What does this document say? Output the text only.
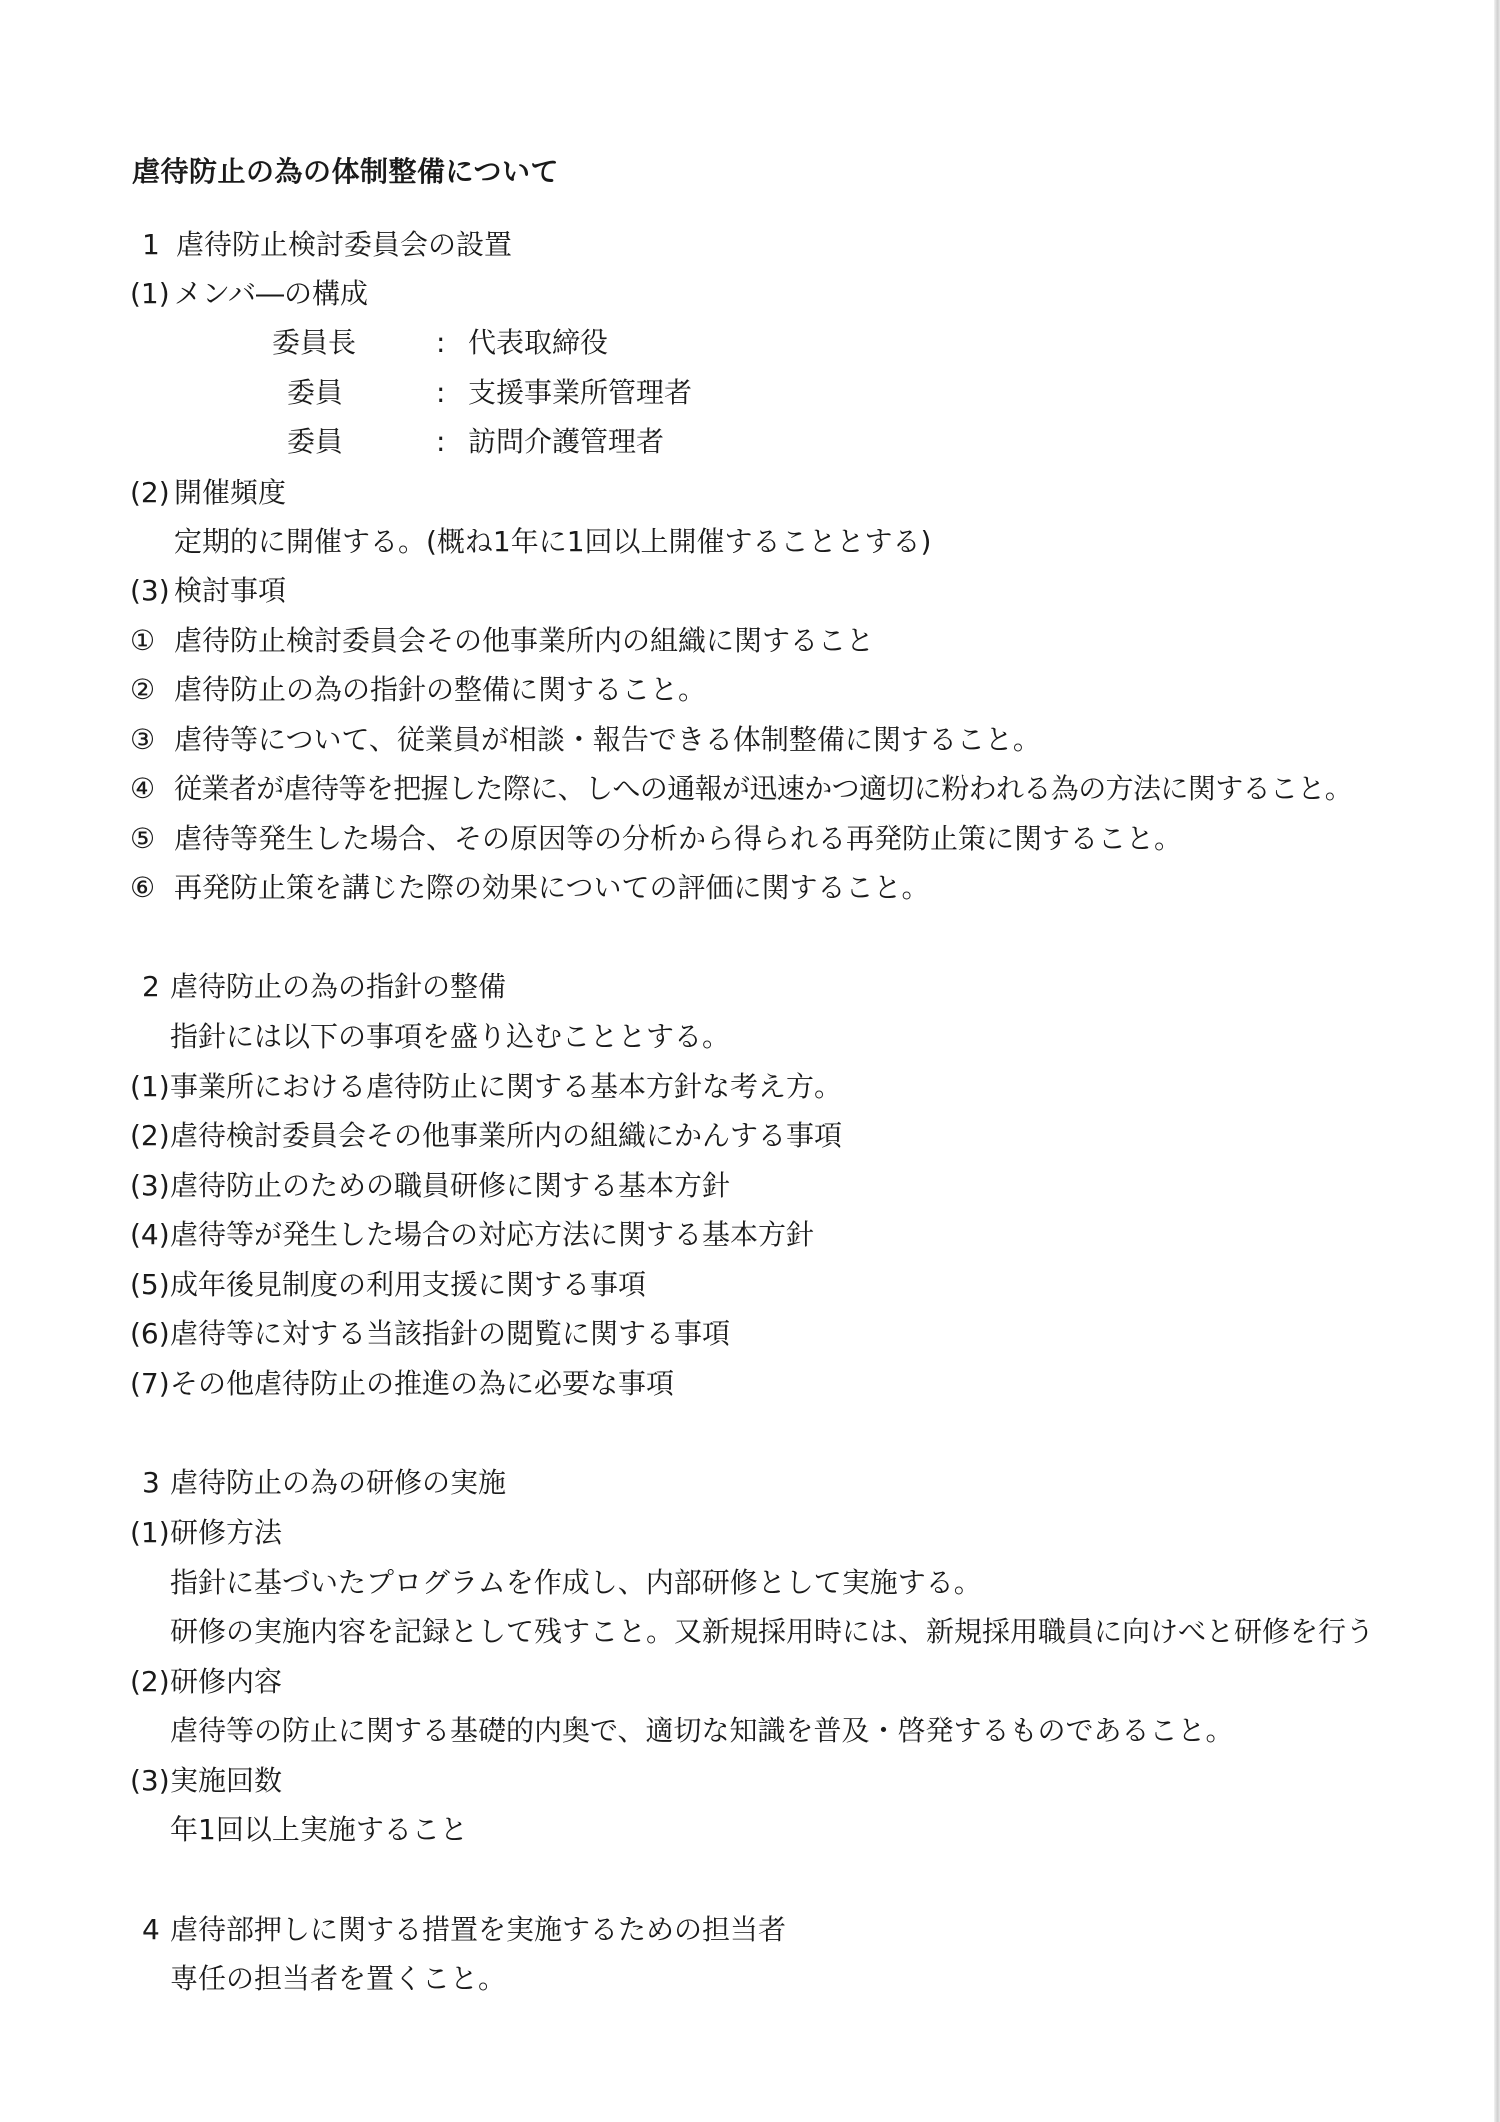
虐待防止の為の体制整備について
1 虐待防止検討委員会の設置
(1) メンバ―の構成
委員長	: 代表取締役
委員	: 支援事業所管理者
委員	: 訪問介護管理者
(2) 開催頻度
定期的に開催する。(概ね1年に1回以上開催することとする)
(3) 検討事項
① 虐待防止検討委員会その他事業所内の組織に関すること
② 虐待防止の為の指針の整備に関すること。
③ 虐待等について、従業員が相談・報告できる体制整備に関すること。
④ 従業者が虐待等を把握した際に、しへの通報が迅速かつ適切に粉われる為の方法に関すること。
⑤ 虐待等発生した場合、その原因等の分析から得られる再発防止策に関すること。
⑥ 再発防止策を講じた際の効果についての評価に関すること。
2 虐待防止の為の指針の整備
指針には以下の事項を盛り込むこととする。
(1)事業所における虐待防止に関する基本方針な考え方。
(2)虐待検討委員会その他事業所内の組織にかんする事項
(3)虐待防止のための職員研修に関する基本方針
(4)虐待等が発生した場合の対応方法に関する基本方針
(5)成年後見制度の利用支援に関する事項
(6)虐待等に対する当該指針の閲覧に関する事項
(7)その他虐待防止の推進の為に必要な事項
3 虐待防止の為の研修の実施
(1)研修方法
指針に基づいたプログラムを作成し、内部研修として実施する。
研修の実施内容を記録として残すこと。又新規採用時には、新規採用職員に向けべと研修を行う
(2)研修内容
虐待等の防止に関する基礎的内奥で、適切な知識を普及・啓発するものであること。
(3)実施回数
年1回以上実施すること
4 虐待部押しに関する措置を実施するための担当者
専任の担当者を置くこと。
